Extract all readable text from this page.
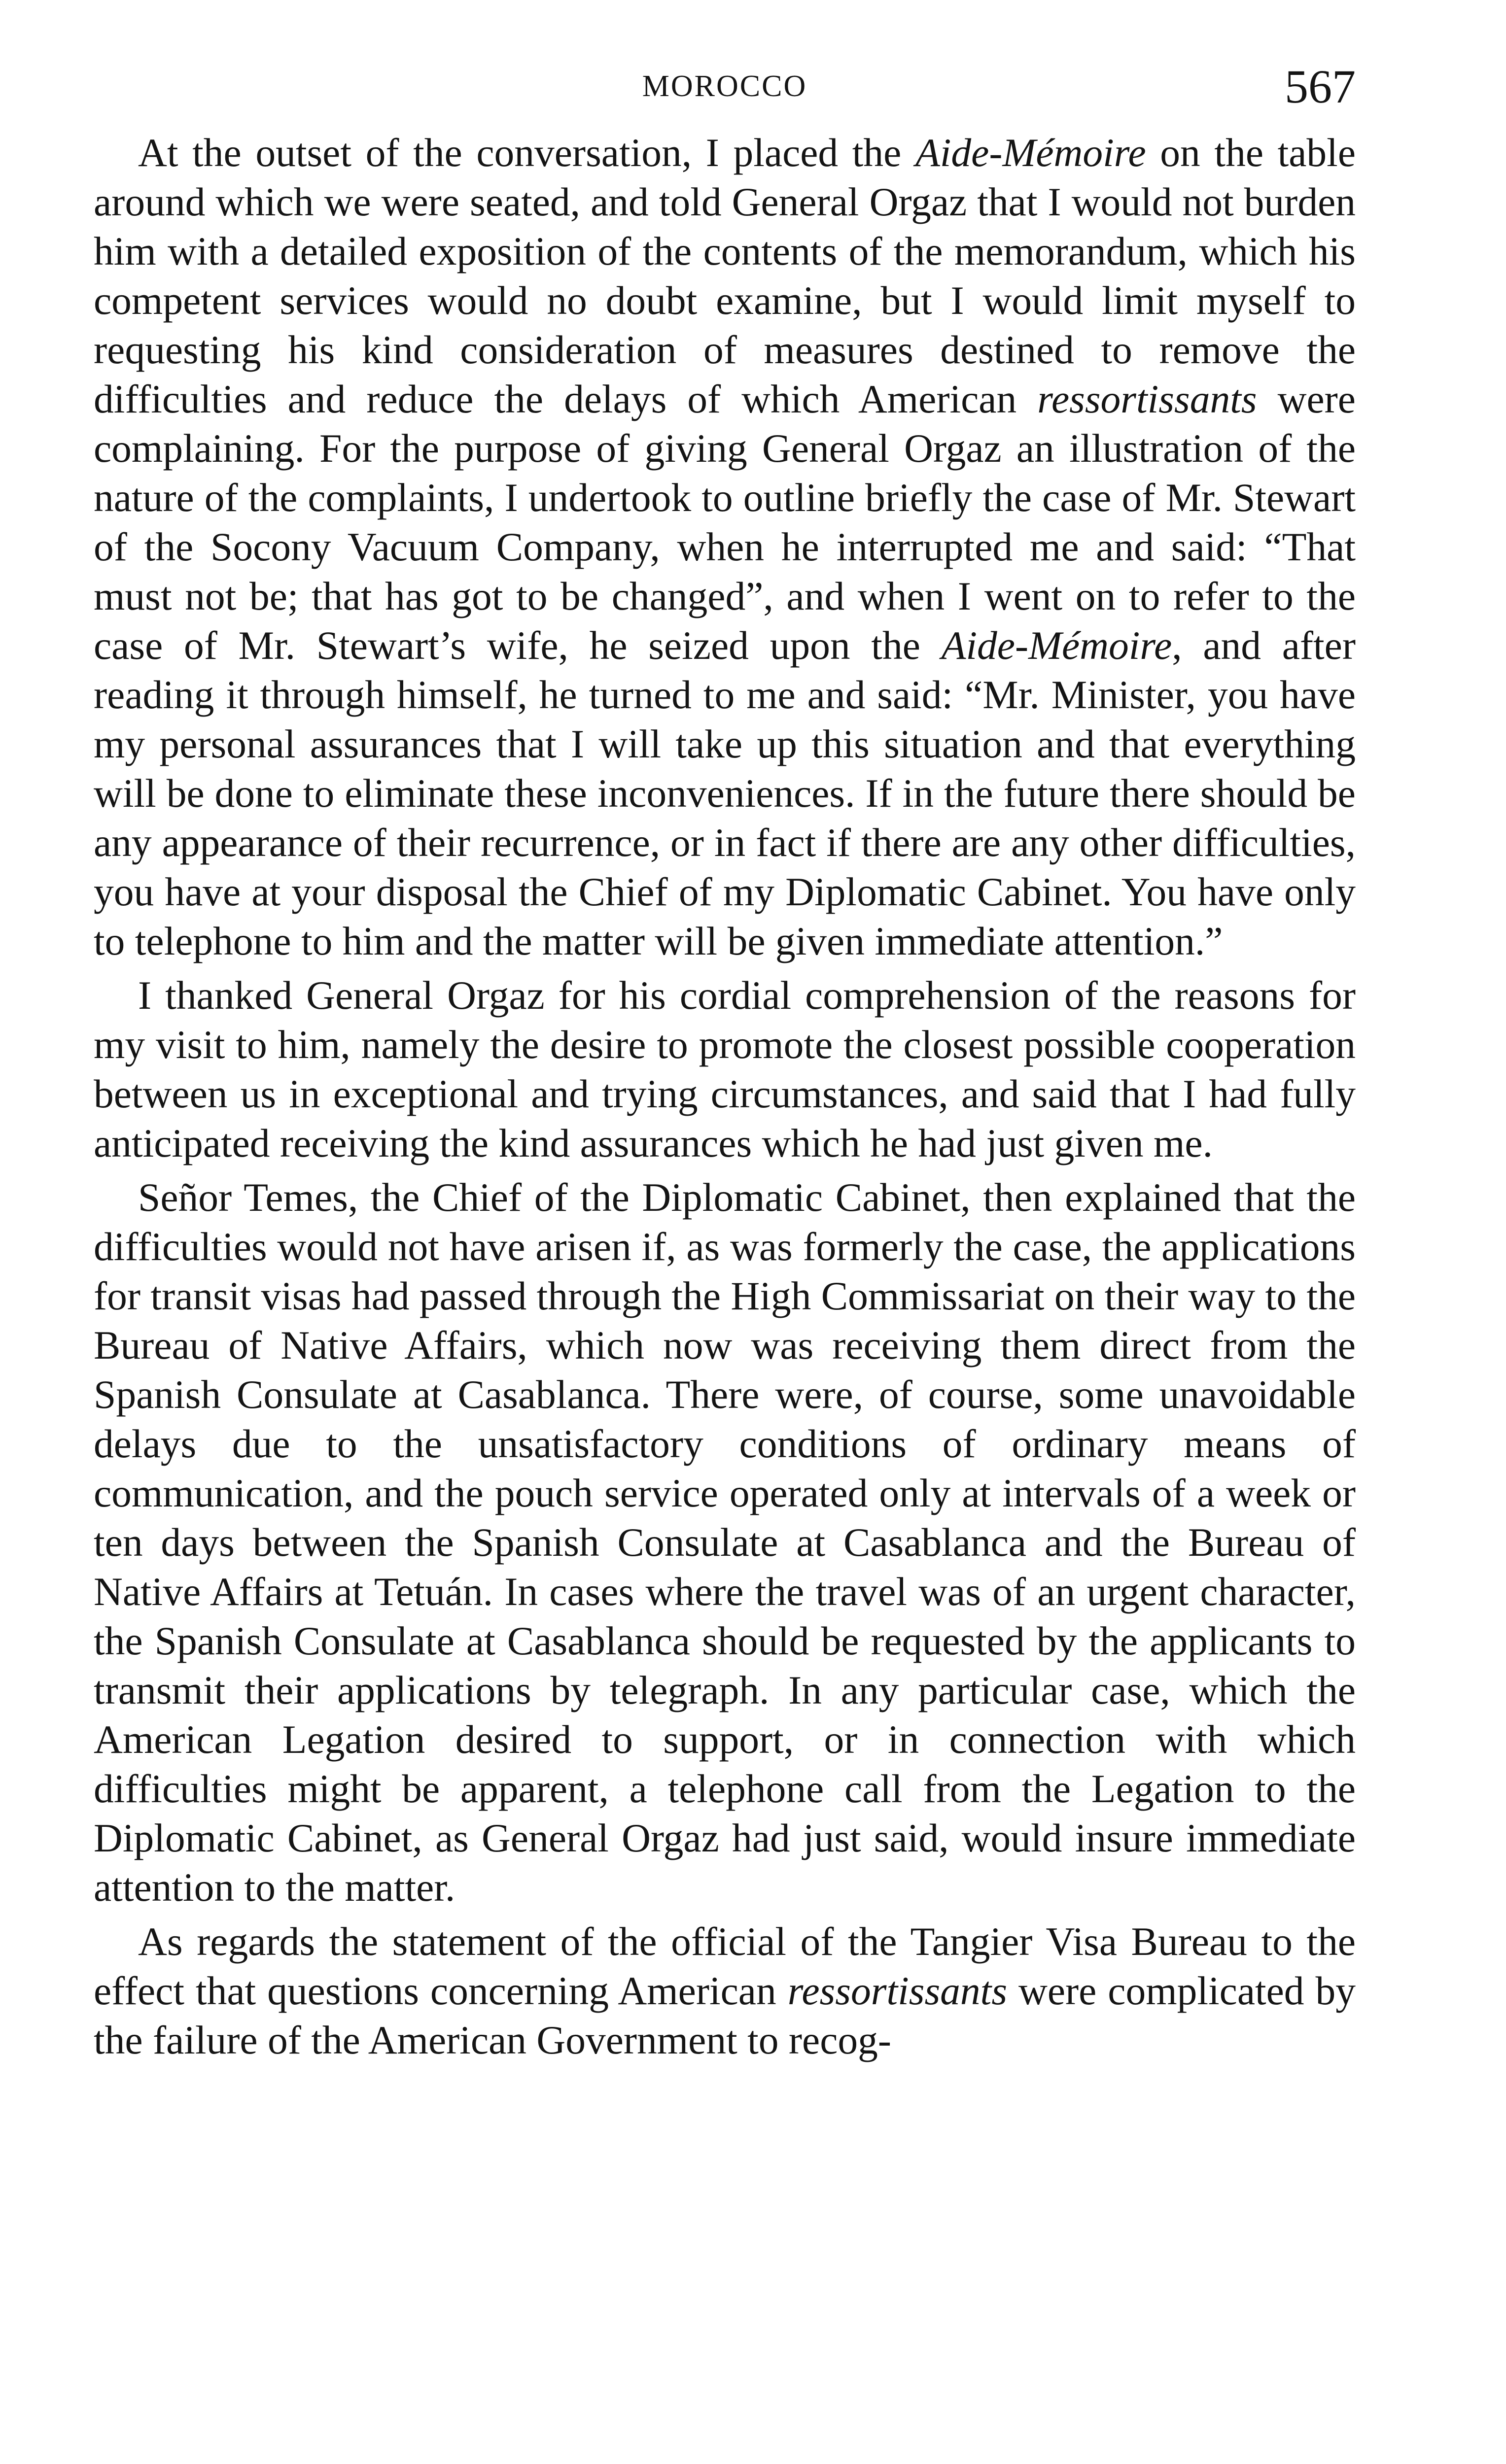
MOROCCO	567

At the outset of the conversation, I placed the Aide-Mémoire on the table around which we were seated, and told General Orgaz that I would not burden him with a detailed exposition of the contents of the memorandum, which his competent services would no doubt examine, but I would limit myself to requesting his kind consideration of measures destined to remove the difficulties and reduce the delays of which American ressortissants were complaining. For the purpose of giving General Orgaz an illustration of the nature of the complaints, I undertook to outline briefly the case of Mr. Stewart of the Socony Vacuum Company, when he interrupted me and said: “That must not be; that has got to be changed”, and when I went on to refer to the case of Mr. Stewart’s wife, he seized upon the Aide-Mémoire, and after reading it through himself, he turned to me and said: “Mr. Minister, you have my personal assurances that I will take up this situation and that everything will be done to eliminate these inconveniences. If in the future there should be any appearance of their recurrence, or in fact if there are any other difficulties, you have at your disposal the Chief of my Diplomatic Cabinet. You have only to telephone to him and the matter will be given immediate attention.”

I thanked General Orgaz for his cordial comprehension of the reasons for my visit to him, namely the desire to promote the closest possible cooperation between us in exceptional and trying circumstances, and said that I had fully anticipated receiving the kind assurances which he had just given me.

Señor Temes, the Chief of the Diplomatic Cabinet, then explained that the difficulties would not have arisen if, as was formerly the case, the applications for transit visas had passed through the High Commissariat on their way to the Bureau of Native Affairs, which now was receiving them direct from the Spanish Consulate at Casablanca. There were, of course, some unavoidable delays due to the unsatisfactory conditions of ordinary means of communication, and the pouch service operated only at intervals of a week or ten days between the Spanish Consulate at Casablanca and the Bureau of Native Affairs at Tetuán. In cases where the travel was of an urgent character, the Spanish Consulate at Casablanca should be requested by the applicants to transmit their applications by telegraph. In any particular case, which the American Legation desired to support, or in connection with which difficulties might be apparent, a telephone call from the Legation to the Diplomatic Cabinet, as General Orgaz had just said, would insure immediate attention to the matter.

As regards the statement of the official of the Tangier Visa Bureau to the effect that questions concerning American ressortissants were complicated by the failure of the American Government to recog-
